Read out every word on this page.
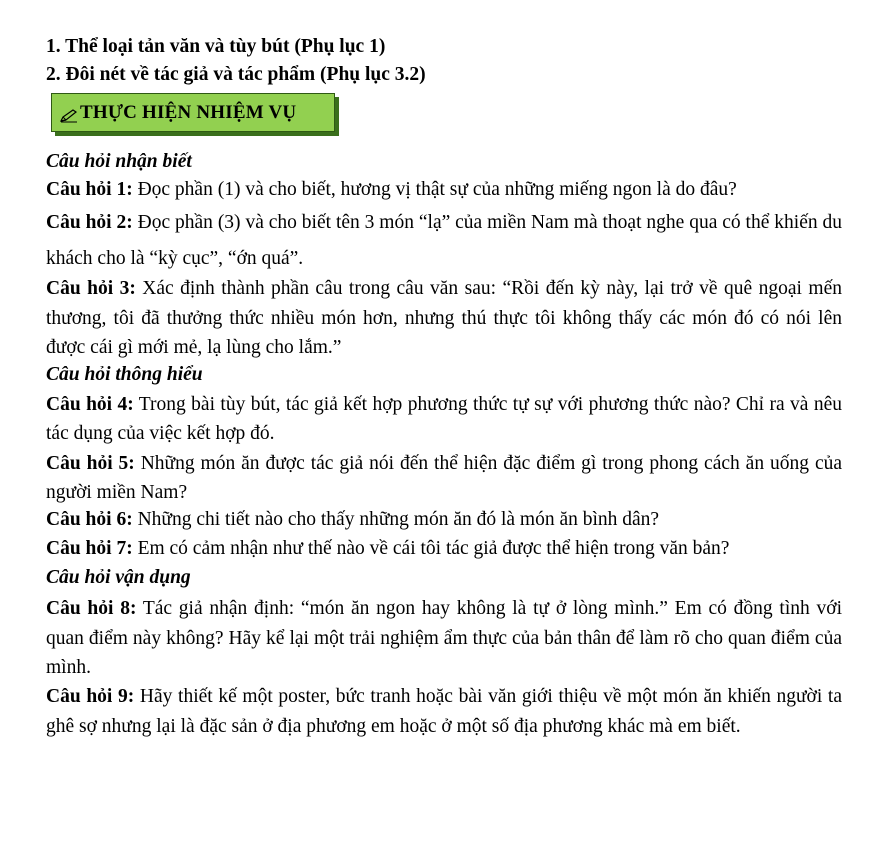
1. Thể loại tản văn và tùy bút (Phụ lục 1)
2. Đôi nét về tác giả và tác phẩm (Phụ lục 3.2)
THỰC HIỆN NHIỆM VỤ
Câu hỏi nhận biết
Câu hỏi 1: Đọc phần (1) và cho biết, hương vị thật sự của những miếng ngon là do đâu?
Câu hỏi 2: Đọc phần (3) và cho biết tên 3 món “lạ” của miền Nam mà thoạt nghe qua có thể khiến du khách cho là “kỳ cục”, “ớn quá”.
Câu hỏi 3: Xác định thành phần câu trong câu văn sau: “Rồi đến kỳ này, lại trở về quê ngoại mến thương, tôi đã thưởng thức nhiều món hơn, nhưng thú thực tôi không thấy các món đó có nói lên được cái gì mới mẻ, lạ lùng cho lắm.”
Câu hỏi thông hiểu
Câu hỏi 4: Trong bài tùy bút, tác giả kết hợp phương thức tự sự với phương thức nào? Chỉ ra và nêu tác dụng của việc kết hợp đó.
Câu hỏi 5: Những món ăn được tác giả nói đến thể hiện đặc điểm gì trong phong cách ăn uống của người miền Nam?
Câu hỏi 6: Những chi tiết nào cho thấy những món ăn đó là món ăn bình dân?
Câu hỏi 7: Em có cảm nhận như thế nào về cái tôi tác giả được thể hiện trong văn bản?
Câu hỏi vận dụng
Câu hỏi 8: Tác giả nhận định: “món ăn ngon hay không là tự ở lòng mình.” Em có đồng tình với quan điểm này không? Hãy kể lại một trải nghiệm ẩm thực của bản thân để làm rõ cho quan điểm của mình.
Câu hỏi 9: Hãy thiết kế một poster, bức tranh hoặc bài văn giới thiệu về một món ăn khiến người ta ghê sợ nhưng lại là đặc sản ở địa phương em hoặc ở một số địa phương khác mà em biết.
